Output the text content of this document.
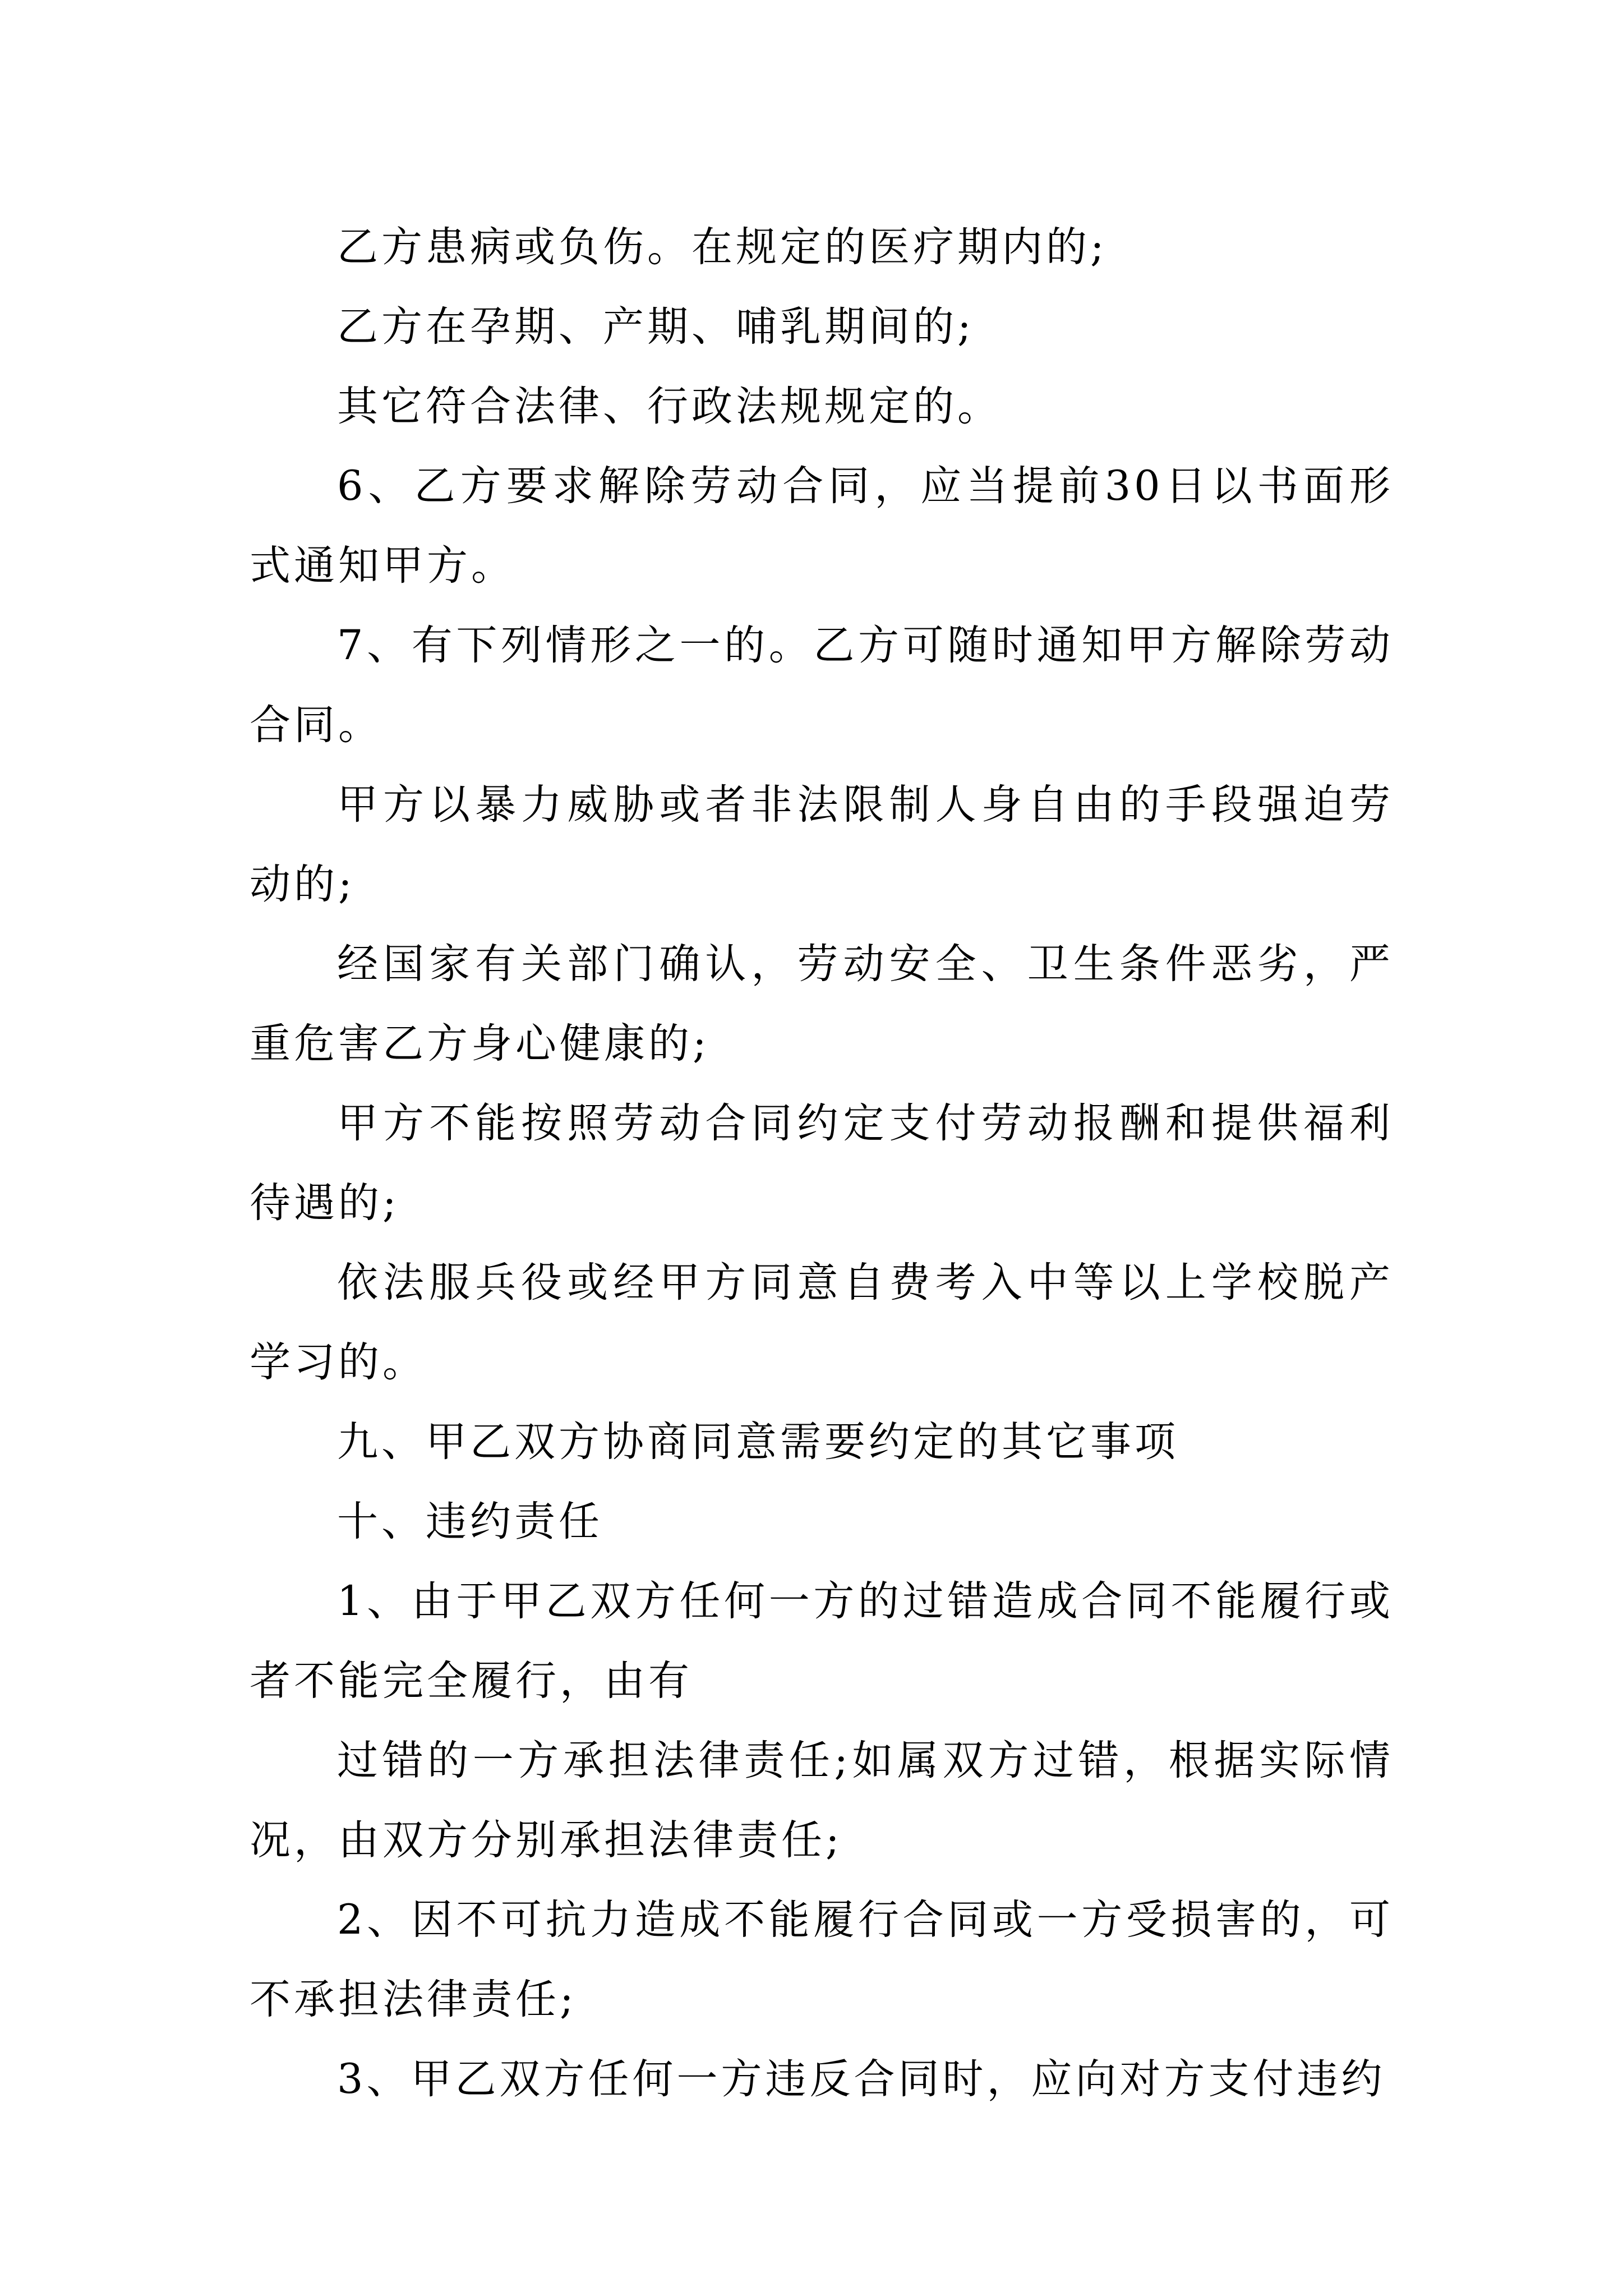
乙方患病或负伤。在规定的医疗期内的;

乙方在孕期、产期、哺乳期间的;

其它符合法律、行政法规规定的。

6、乙方要求解除劳动合同，应当提前30日以书面形式通知甲方。

7、有下列情形之一的。乙方可随时通知甲方解除劳动合同。

甲方以暴力威胁或者非法限制人身自由的手段强迫劳动的;

经国家有关部门确认，劳动安全、卫生条件恶劣，严重危害乙方身心健康的;

甲方不能按照劳动合同约定支付劳动报酬和提供福利待遇的;

依法服兵役或经甲方同意自费考入中等以上学校脱产学习的。

九、甲乙双方协商同意需要约定的其它事项

十、违约责任

1、由于甲乙双方任何一方的过错造成合同不能履行或者不能完全履行，由有

过错的一方承担法律责任;如属双方过错，根据实际情况，由双方分别承担法律责任;

2、因不可抗力造成不能履行合同或一方受损害的，可不承担法律责任;

3、甲乙双方任何一方违反合同时，应向对方支付违约
